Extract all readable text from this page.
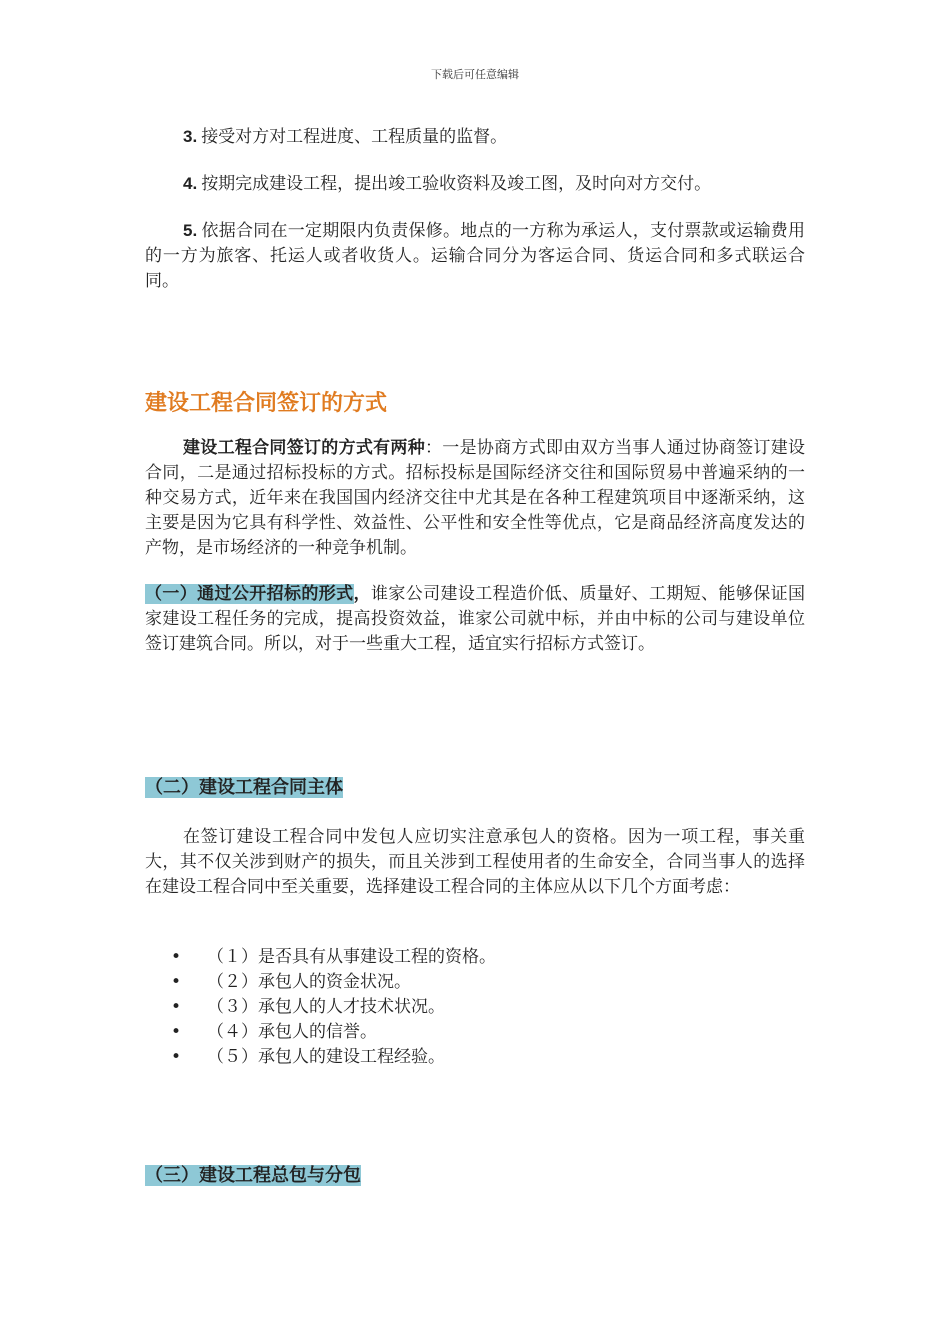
下载后可任意编辑

3. 接受对方对工程进度、工程质量的监督。

4. 按期完成建设工程，提出竣工验收资料及竣工图，及时向对方交付。

5. 依据合同在一定期限内负责保修。地点的一方称为承运人，支付票款或运输费用的一方为旅客、托运人或者收货人。运输合同分为客运合同、货运合同和多式联运合同。

建设工程合同签订的方式

建设工程合同签订的方式有两种：一是协商方式即由双方当事人通过协商签订建设合同，二是通过招标投标的方式。招标投标是国际经济交往和国际贸易中普遍采纳的一种交易方式，近年来在我国国内经济交往中尤其是在各种工程建筑项目中逐渐采纳，这主要是因为它具有科学性、效益性、公平性和安全性等优点，它是商品经济高度发达的产物，是市场经济的一种竞争机制。

（一）通过公开招标的形式，谁家公司建设工程造价低、质量好、工期短、能够保证国家建设工程任务的完成，提高投资效益，谁家公司就中标，并由中标的公司与建设单位签订建筑合同。所以，对于一些重大工程，适宜实行招标方式签订。

（二）建设工程合同主体

在签订建设工程合同中发包人应切实注意承包人的资格。因为一项工程，事关重大，其不仅关涉到财产的损失，而且关涉到工程使用者的生命安全，合同当事人的选择在建设工程合同中至关重要，选择建设工程合同的主体应从以下几个方面考虑：

• （１）是否具有从事建设工程的资格。
• （２）承包人的资金状况。
• （３）承包人的人才技术状况。
• （４）承包人的信誉。
• （５）承包人的建设工程经验。

（三）建设工程总包与分包
